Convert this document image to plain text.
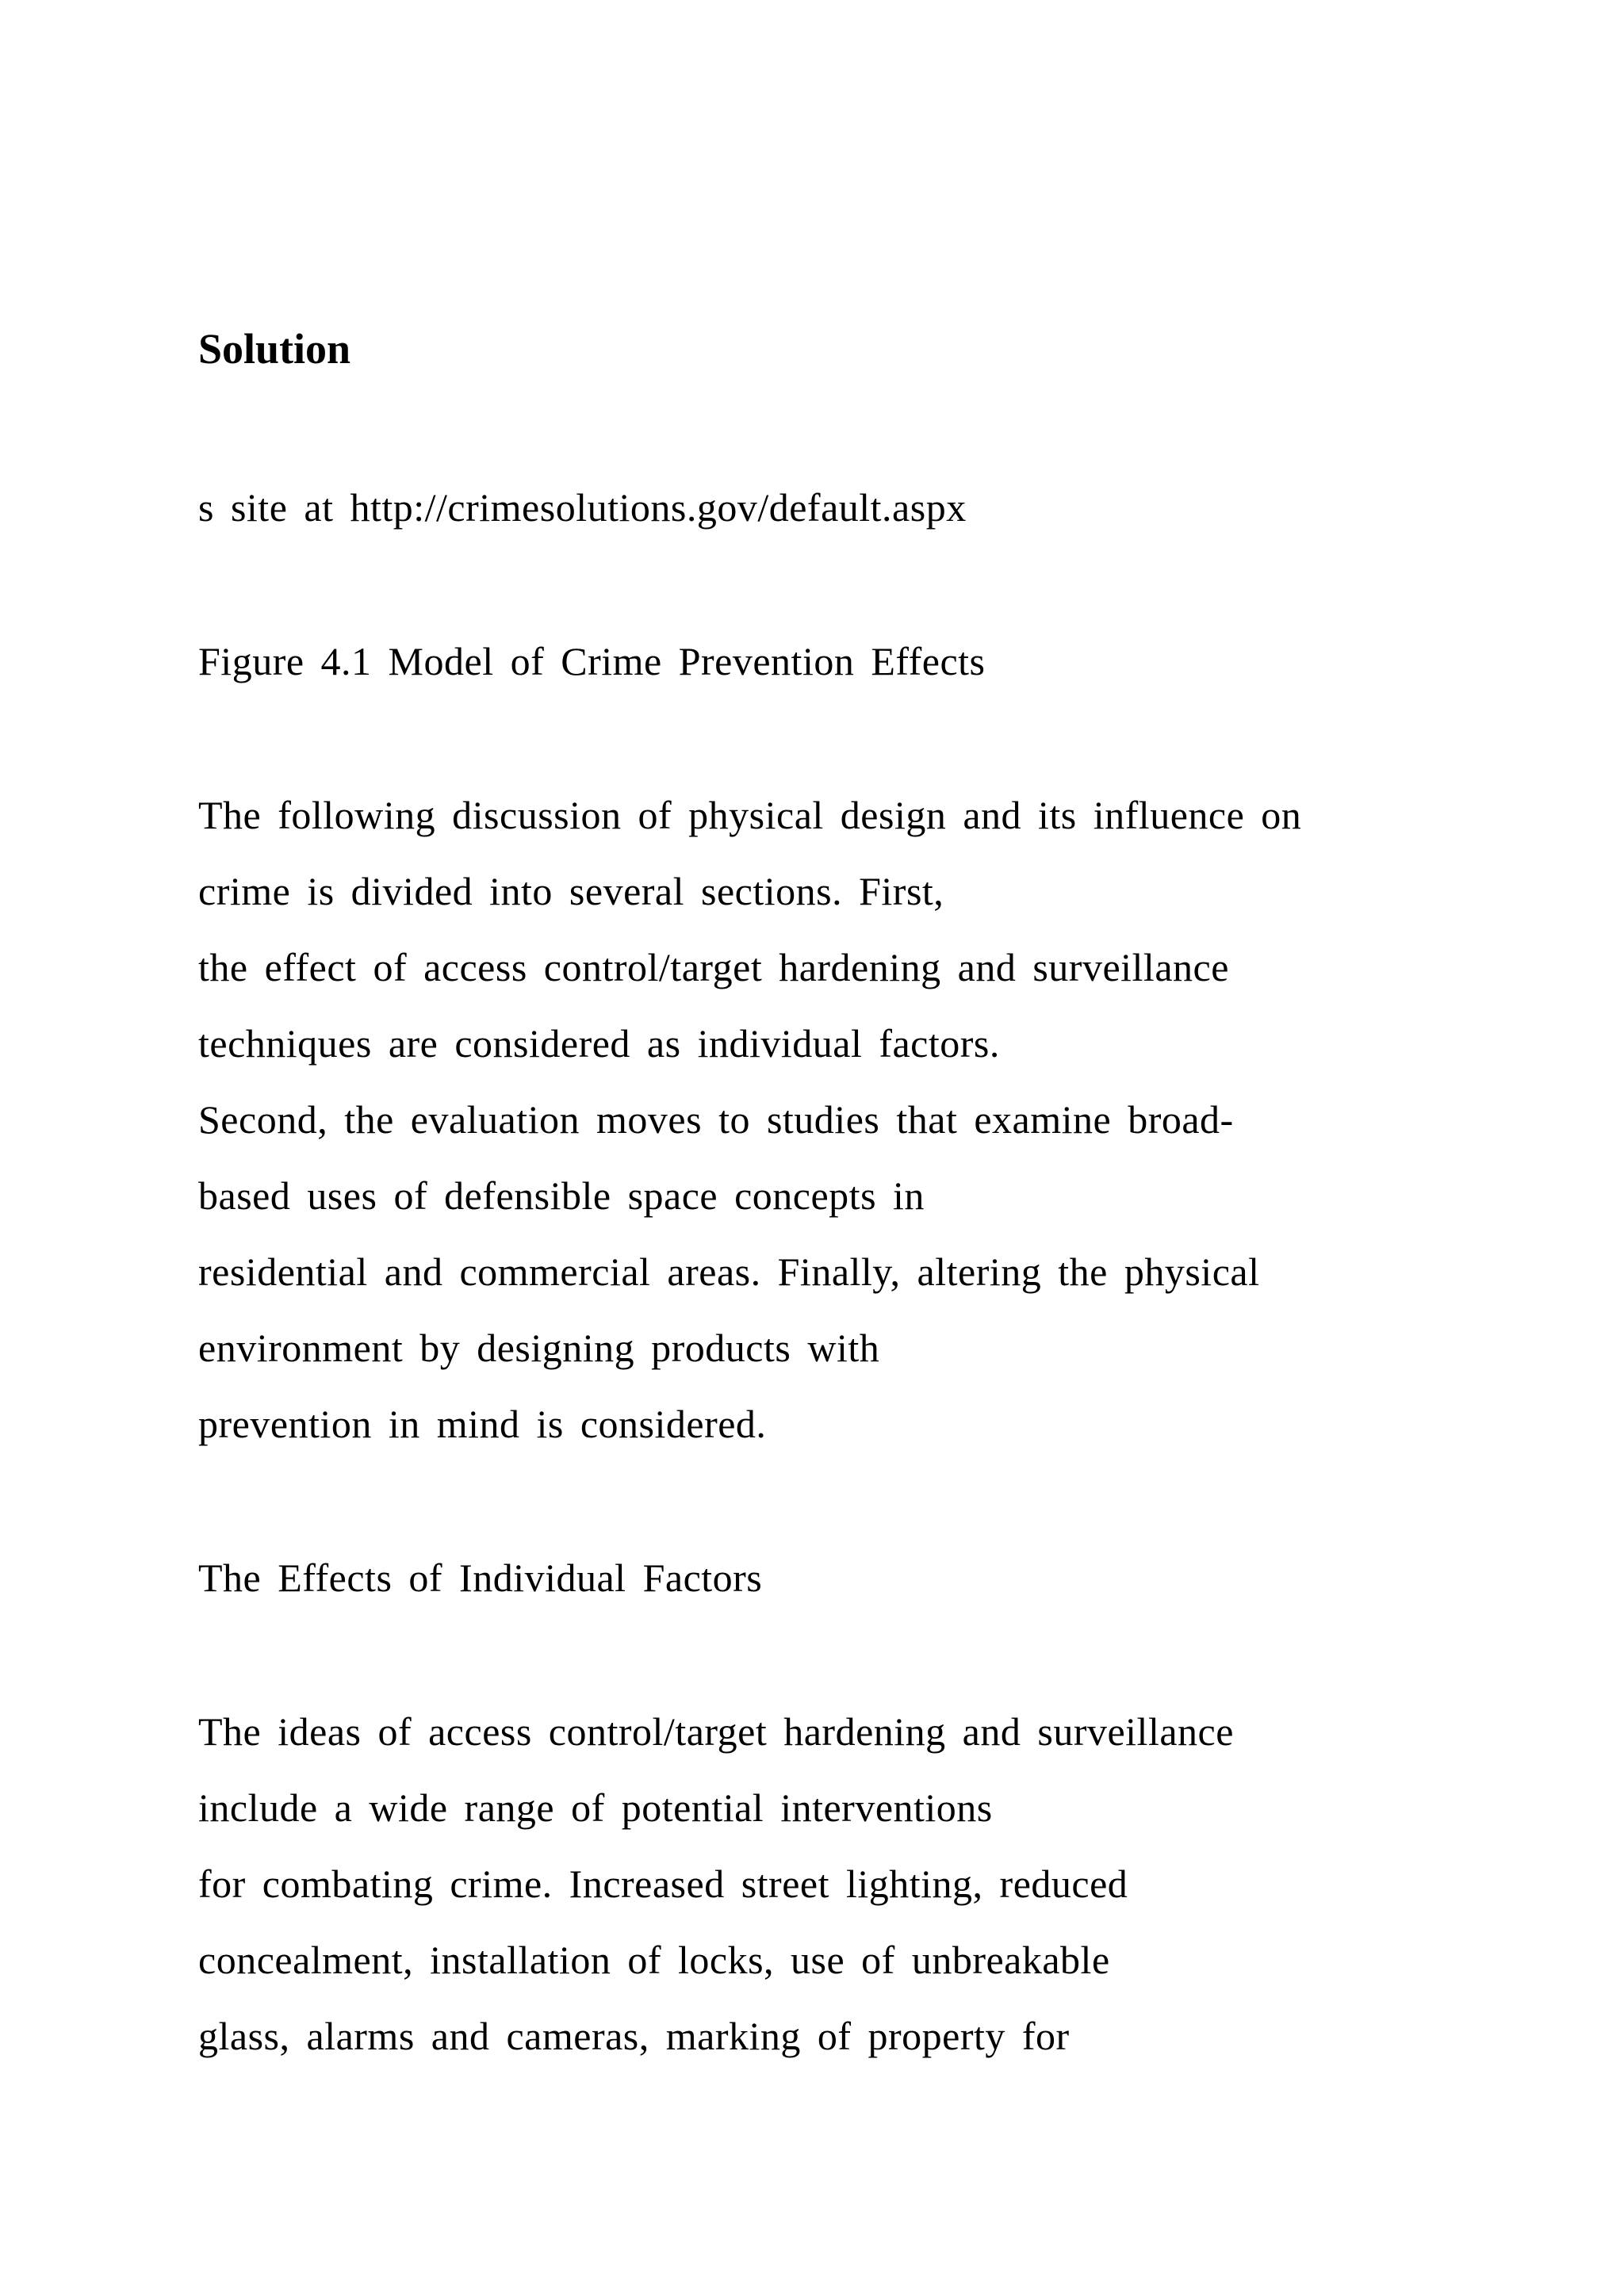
Solution
s site at http://crimesolutions.gov/default.aspx
Figure 4.1 Model of Crime Prevention Effects
The following discussion of physical design and its influence on
crime is divided into several sections. First,
the effect of access control/target hardening and surveillance
techniques are considered as individual factors.
Second, the evaluation moves to studies that examine broad-
based uses of defensible space concepts in
residential and commercial areas. Finally, altering the physical
environment by designing products with
prevention in mind is considered.
The Effects of Individual Factors
The ideas of access control/target hardening and surveillance
include a wide range of potential interventions
for combating crime. Increased street lighting, reduced
concealment, installation of locks, use of unbreakable
glass, alarms and cameras, marking of property for
